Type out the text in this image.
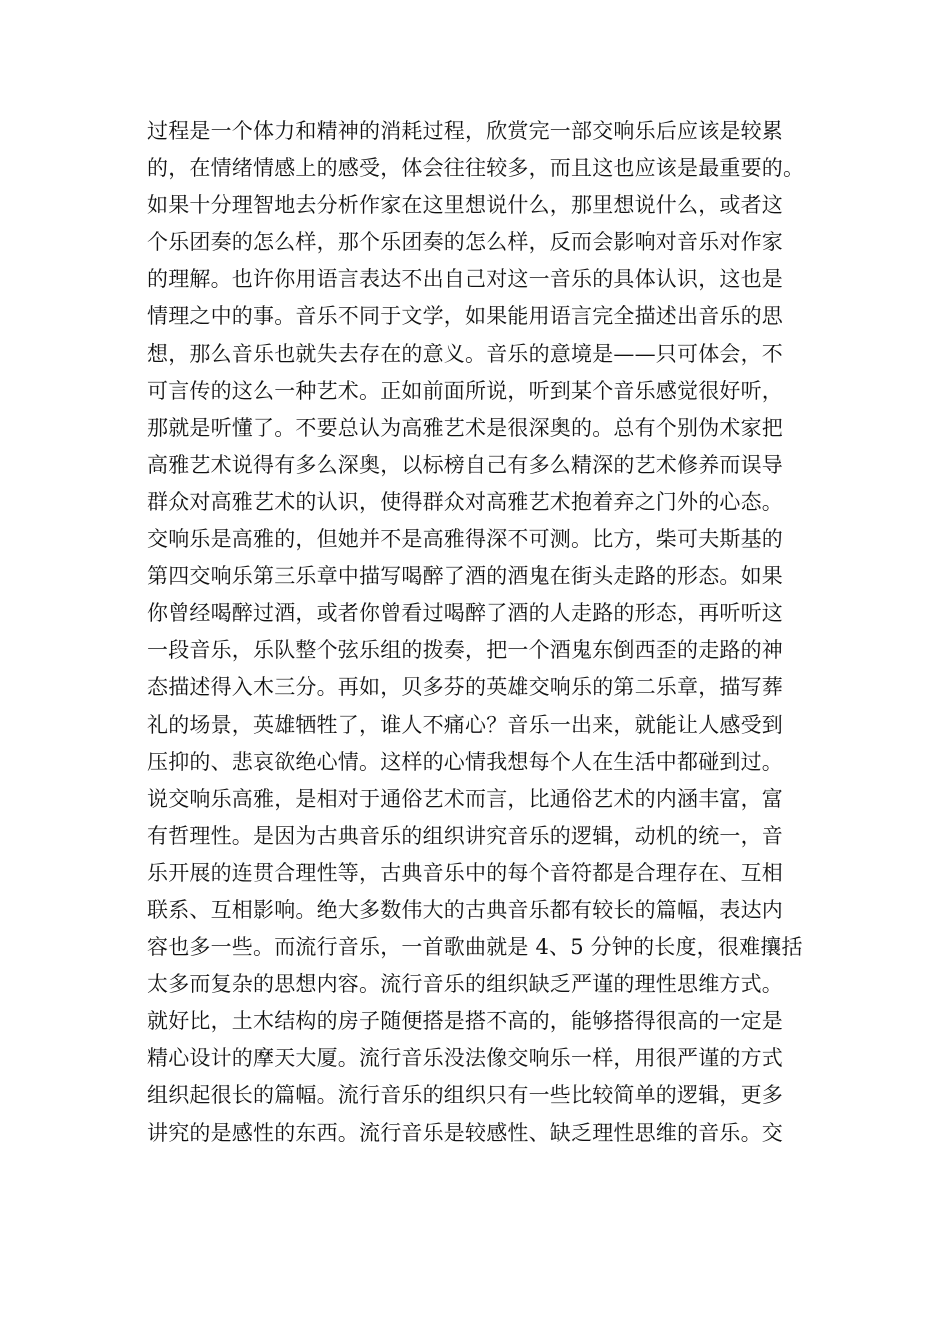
过程是一个体力和精神的消耗过程，欣赏完一部交响乐后应该是较累
的，在情绪情感上的感受，体会往往较多，而且这也应该是最重要的。
如果十分理智地去分析作家在这里想说什么，那里想说什么，或者这
个乐团奏的怎么样，那个乐团奏的怎么样，反而会影响对音乐对作家
的理解。也许你用语言表达不出自己对这一音乐的具体认识，这也是
情理之中的事。音乐不同于文学，如果能用语言完全描述出音乐的思
想，那么音乐也就失去存在的意义。音乐的意境是——只可体会，不
可言传的这么一种艺术。正如前面所说，听到某个音乐感觉很好听，
那就是听懂了。不要总认为高雅艺术是很深奥的。总有个别伪术家把
高雅艺术说得有多么深奥，以标榜自己有多么精深的艺术修养而误导
群众对高雅艺术的认识，使得群众对高雅艺术抱着弃之门外的心态。
交响乐是高雅的，但她并不是高雅得深不可测。比方，柴可夫斯基的
第四交响乐第三乐章中描写喝醉了酒的酒鬼在街头走路的形态。如果
你曾经喝醉过酒，或者你曾看过喝醉了酒的人走路的形态，再听听这
一段音乐，乐队整个弦乐组的拨奏，把一个酒鬼东倒西歪的走路的神
态描述得入木三分。再如，贝多芬的英雄交响乐的第二乐章，描写葬
礼的场景，英雄牺牲了，谁人不痛心？音乐一出来，就能让人感受到
压抑的、悲哀欲绝心情。这样的心情我想每个人在生活中都碰到过。
说交响乐高雅，是相对于通俗艺术而言，比通俗艺术的内涵丰富，富
有哲理性。是因为古典音乐的组织讲究音乐的逻辑，动机的统一，音
乐开展的连贯合理性等，古典音乐中的每个音符都是合理存在、互相
联系、互相影响。绝大多数伟大的古典音乐都有较长的篇幅，表达内
容也多一些。而流行音乐，一首歌曲就是 4、5 分钟的长度，很难攘括
太多而复杂的思想内容。流行音乐的组织缺乏严谨的理性思维方式。
就好比，土木结构的房子随便搭是搭不高的，能够搭得很高的一定是
精心设计的摩天大厦。流行音乐没法像交响乐一样，用很严谨的方式
组织起很长的篇幅。流行音乐的组织只有一些比较简单的逻辑，更多
讲究的是感性的东西。流行音乐是较感性、缺乏理性思维的音乐。交
